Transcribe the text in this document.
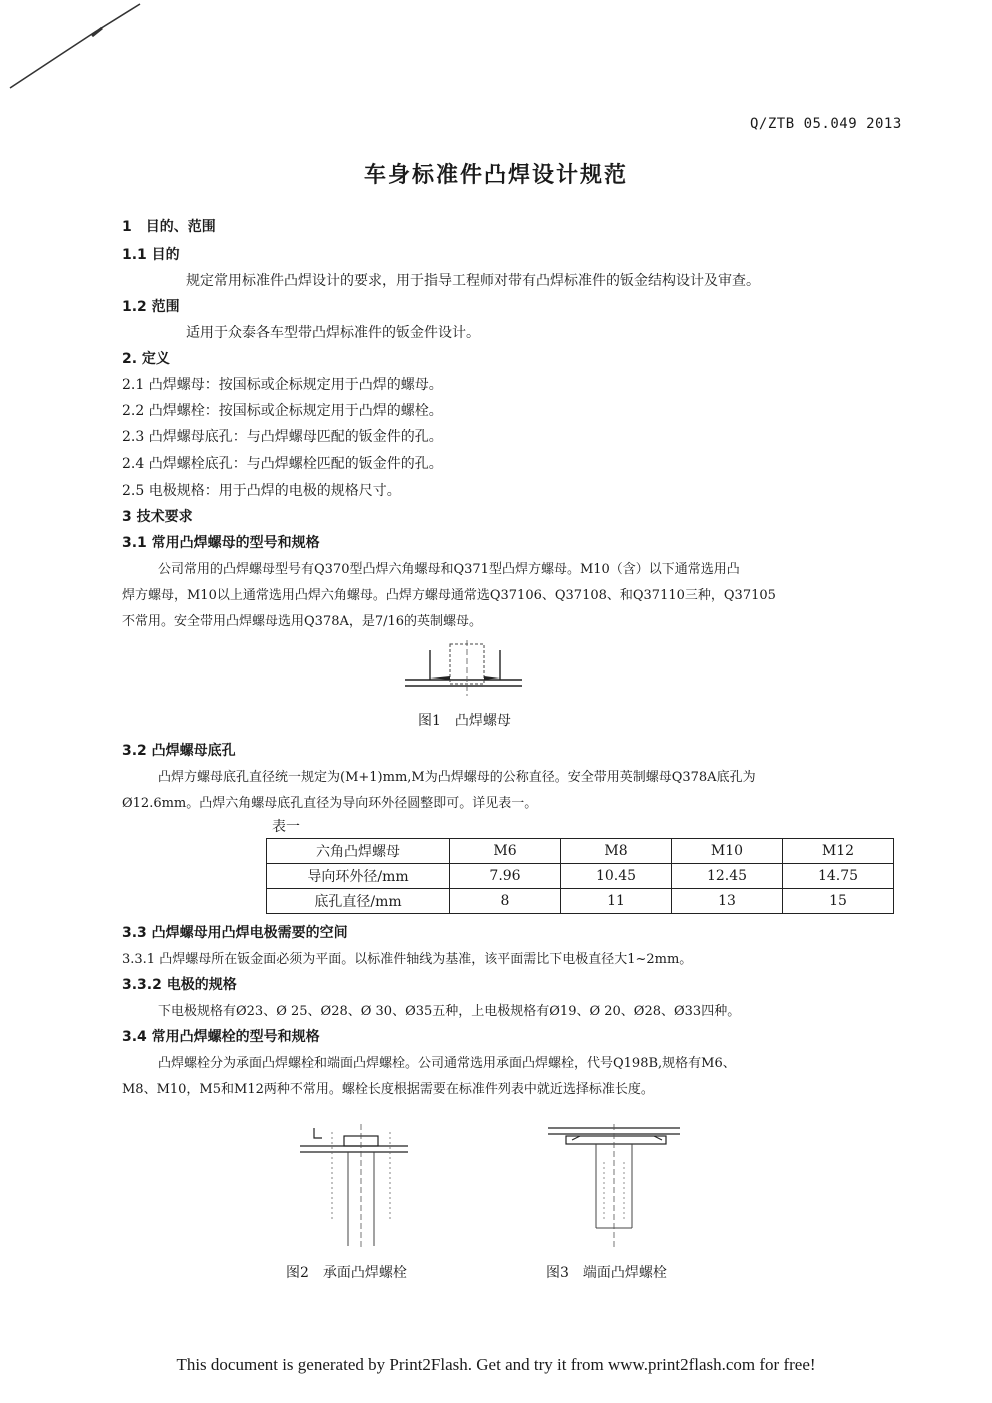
Q/ZTB 05.049 2013
车身标准件凸焊设计规范
1　目的、范围
1.1 目的
规定常用标准件凸焊设计的要求，用于指导工程师对带有凸焊标准件的钣金结构设计及审查。
1.2 范围
适用于众泰各车型带凸焊标准件的钣金件设计。
2. 定义
2.1 凸焊螺母：按国标或企标规定用于凸焊的螺母。
2.2 凸焊螺栓：按国标或企标规定用于凸焊的螺栓。
2.3 凸焊螺母底孔：与凸焊螺母匹配的钣金件的孔。
2.4 凸焊螺栓底孔：与凸焊螺栓匹配的钣金件的孔。
2.5 电极规格：用于凸焊的电极的规格尺寸。
3 技术要求
3.1 常用凸焊螺母的型号和规格
公司常用的凸焊螺母型号有Q370型凸焊六角螺母和Q371型凸焊方螺母。M10（含）以下通常选用凸
焊方螺母，M10以上通常选用凸焊六角螺母。凸焊方螺母通常选Q37106、Q37108、和Q37110三种，Q37105
不常用。安全带用凸焊螺母选用Q378A，是7/16的英制螺母。
图1　凸焊螺母
3.2 凸焊螺母底孔
凸焊方螺母底孔直径统一规定为(M+1)mm,M为凸焊螺母的公称直径。安全带用英制螺母Q378A底孔为
Ø12.6mm。凸焊六角螺母底孔直径为导向环外径圆整即可。详见表一。
表一
六角凸焊螺母	M6	M8	M10	M12
导向环外径/mm	7.96	10.45	12.45	14.75
底孔直径/mm	8	11	13	15
3.3 凸焊螺母用凸焊电极需要的空间
3.3.1 凸焊螺母所在钣金面必须为平面。以标准件轴线为基准，该平面需比下电极直径大1~2mm。
3.3.2 电极的规格
下电极规格有Ø23、Ø 25、Ø28、Ø 30、Ø35五种，上电极规格有Ø19、Ø 20、Ø28、Ø33四种。
3.4 常用凸焊螺栓的型号和规格
凸焊螺栓分为承面凸焊螺栓和端面凸焊螺栓。公司通常选用承面凸焊螺栓，代号Q198B,规格有M6、
M8、M10，M5和M12两种不常用。螺栓长度根据需要在标准件列表中就近选择标准长度。
图2　承面凸焊螺栓	图3　端面凸焊螺栓
This document is generated by Print2Flash. Get and try it from www.print2flash.com for free!
